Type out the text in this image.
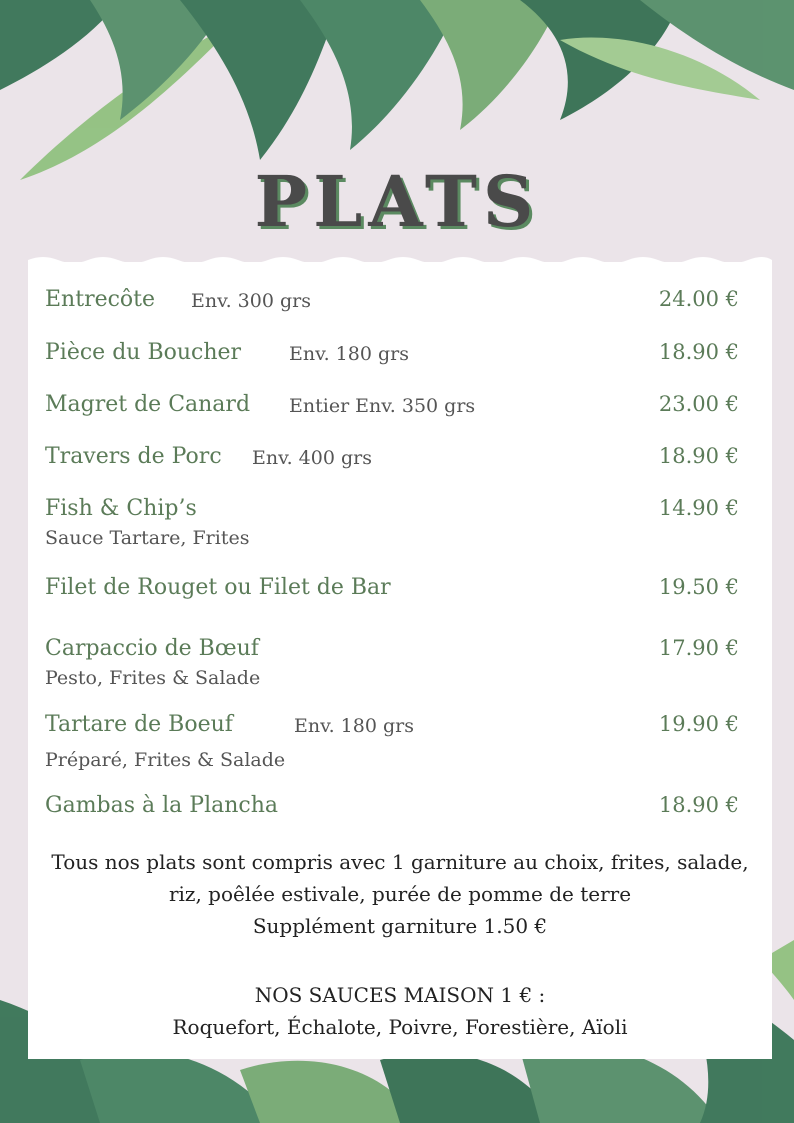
PLATS
Entrecôte Env. 300 grs	24.00 €
Pièce du Boucher	Env. 180 grs	18.90 €
Magret de Canard Entier Env. 350 grs	23.00 €
Travers de Porc Env. 400 grs	18.90 €
Fish & Chip’s	14.90 €
Sauce Tartare, Frites
Filet de Rouget ou Filet de Bar	19.50 €
Carpaccio de Bœuf	17.90 €
Pesto, Frites & Salade
Tartare de Boeuf	Env. 180 grs	19.90 €
Préparé, Frites & Salade
Gambas à la Plancha	18.90 €
Tous nos plats sont compris avec 1 garniture au choix, frites, salade,
riz, poêlée estivale, purée de pomme de terre
Supplément garniture 1.50 €
NOS SAUCES MAISON 1 € :
Roquefort, Échalote, Poivre, Forestière, Aïoli
